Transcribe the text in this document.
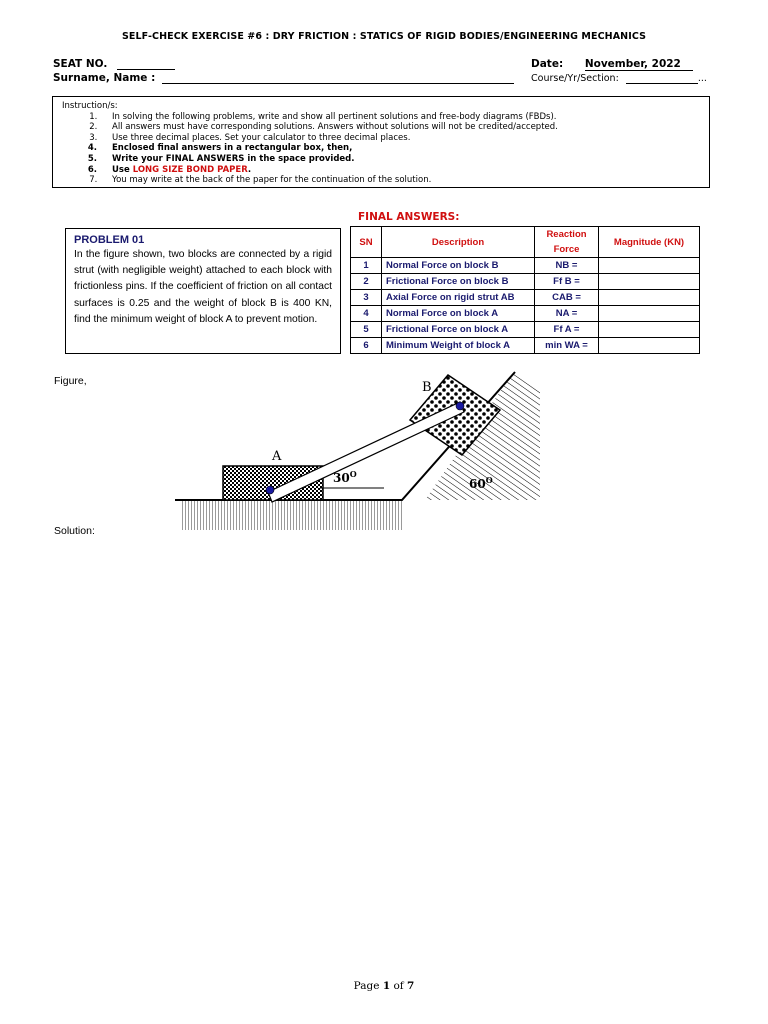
SELF-CHECK EXERCISE #6 : DRY FRICTION : STATICS OF RIGID BODIES/ENGINEERING MECHANICS
SEAT NO.
Surname, Name :
Date: November, 2022
Course/Yr/Section:	...
Instruction/s:
1. In solving the following problems, write and show all pertinent solutions and free-body diagrams (FBDs).
2. All answers must have corresponding solutions. Answers without solutions will not be credited/accepted.
3. Use three decimal places. Set your calculator to three decimal places.
4. Enclosed final answers in a rectangular box, then,
5. Write your FINAL ANSWERS in the space provided.
6. Use LONG SIZE BOND PAPER.
7. You may write at the back of the paper for the continuation of the solution.
FINAL ANSWERS:
SN	Description	Reaction Force	Magnitude (KN)
1	Normal Force on block B	NB =	
2	Frictional Force on block B	Ff B =	
3	Axial Force on rigid strut AB	CAB =	
4	Normal Force on block A	NA =	
5	Frictional Force on block A	Ff A =	
6	Minimum Weight of block A	min WA =	
PROBLEM 01
In the figure shown, two blocks are connected by a rigid strut (with negligible weight) attached to each block with frictionless pins. If the coefficient of friction on all contact surfaces is 0.25 and the weight of block B is 400 KN, find the minimum weight of block A to prevent motion.
Figure,
A
B
$30^O$
$60^O$
Solution:
Page 1 of 7
